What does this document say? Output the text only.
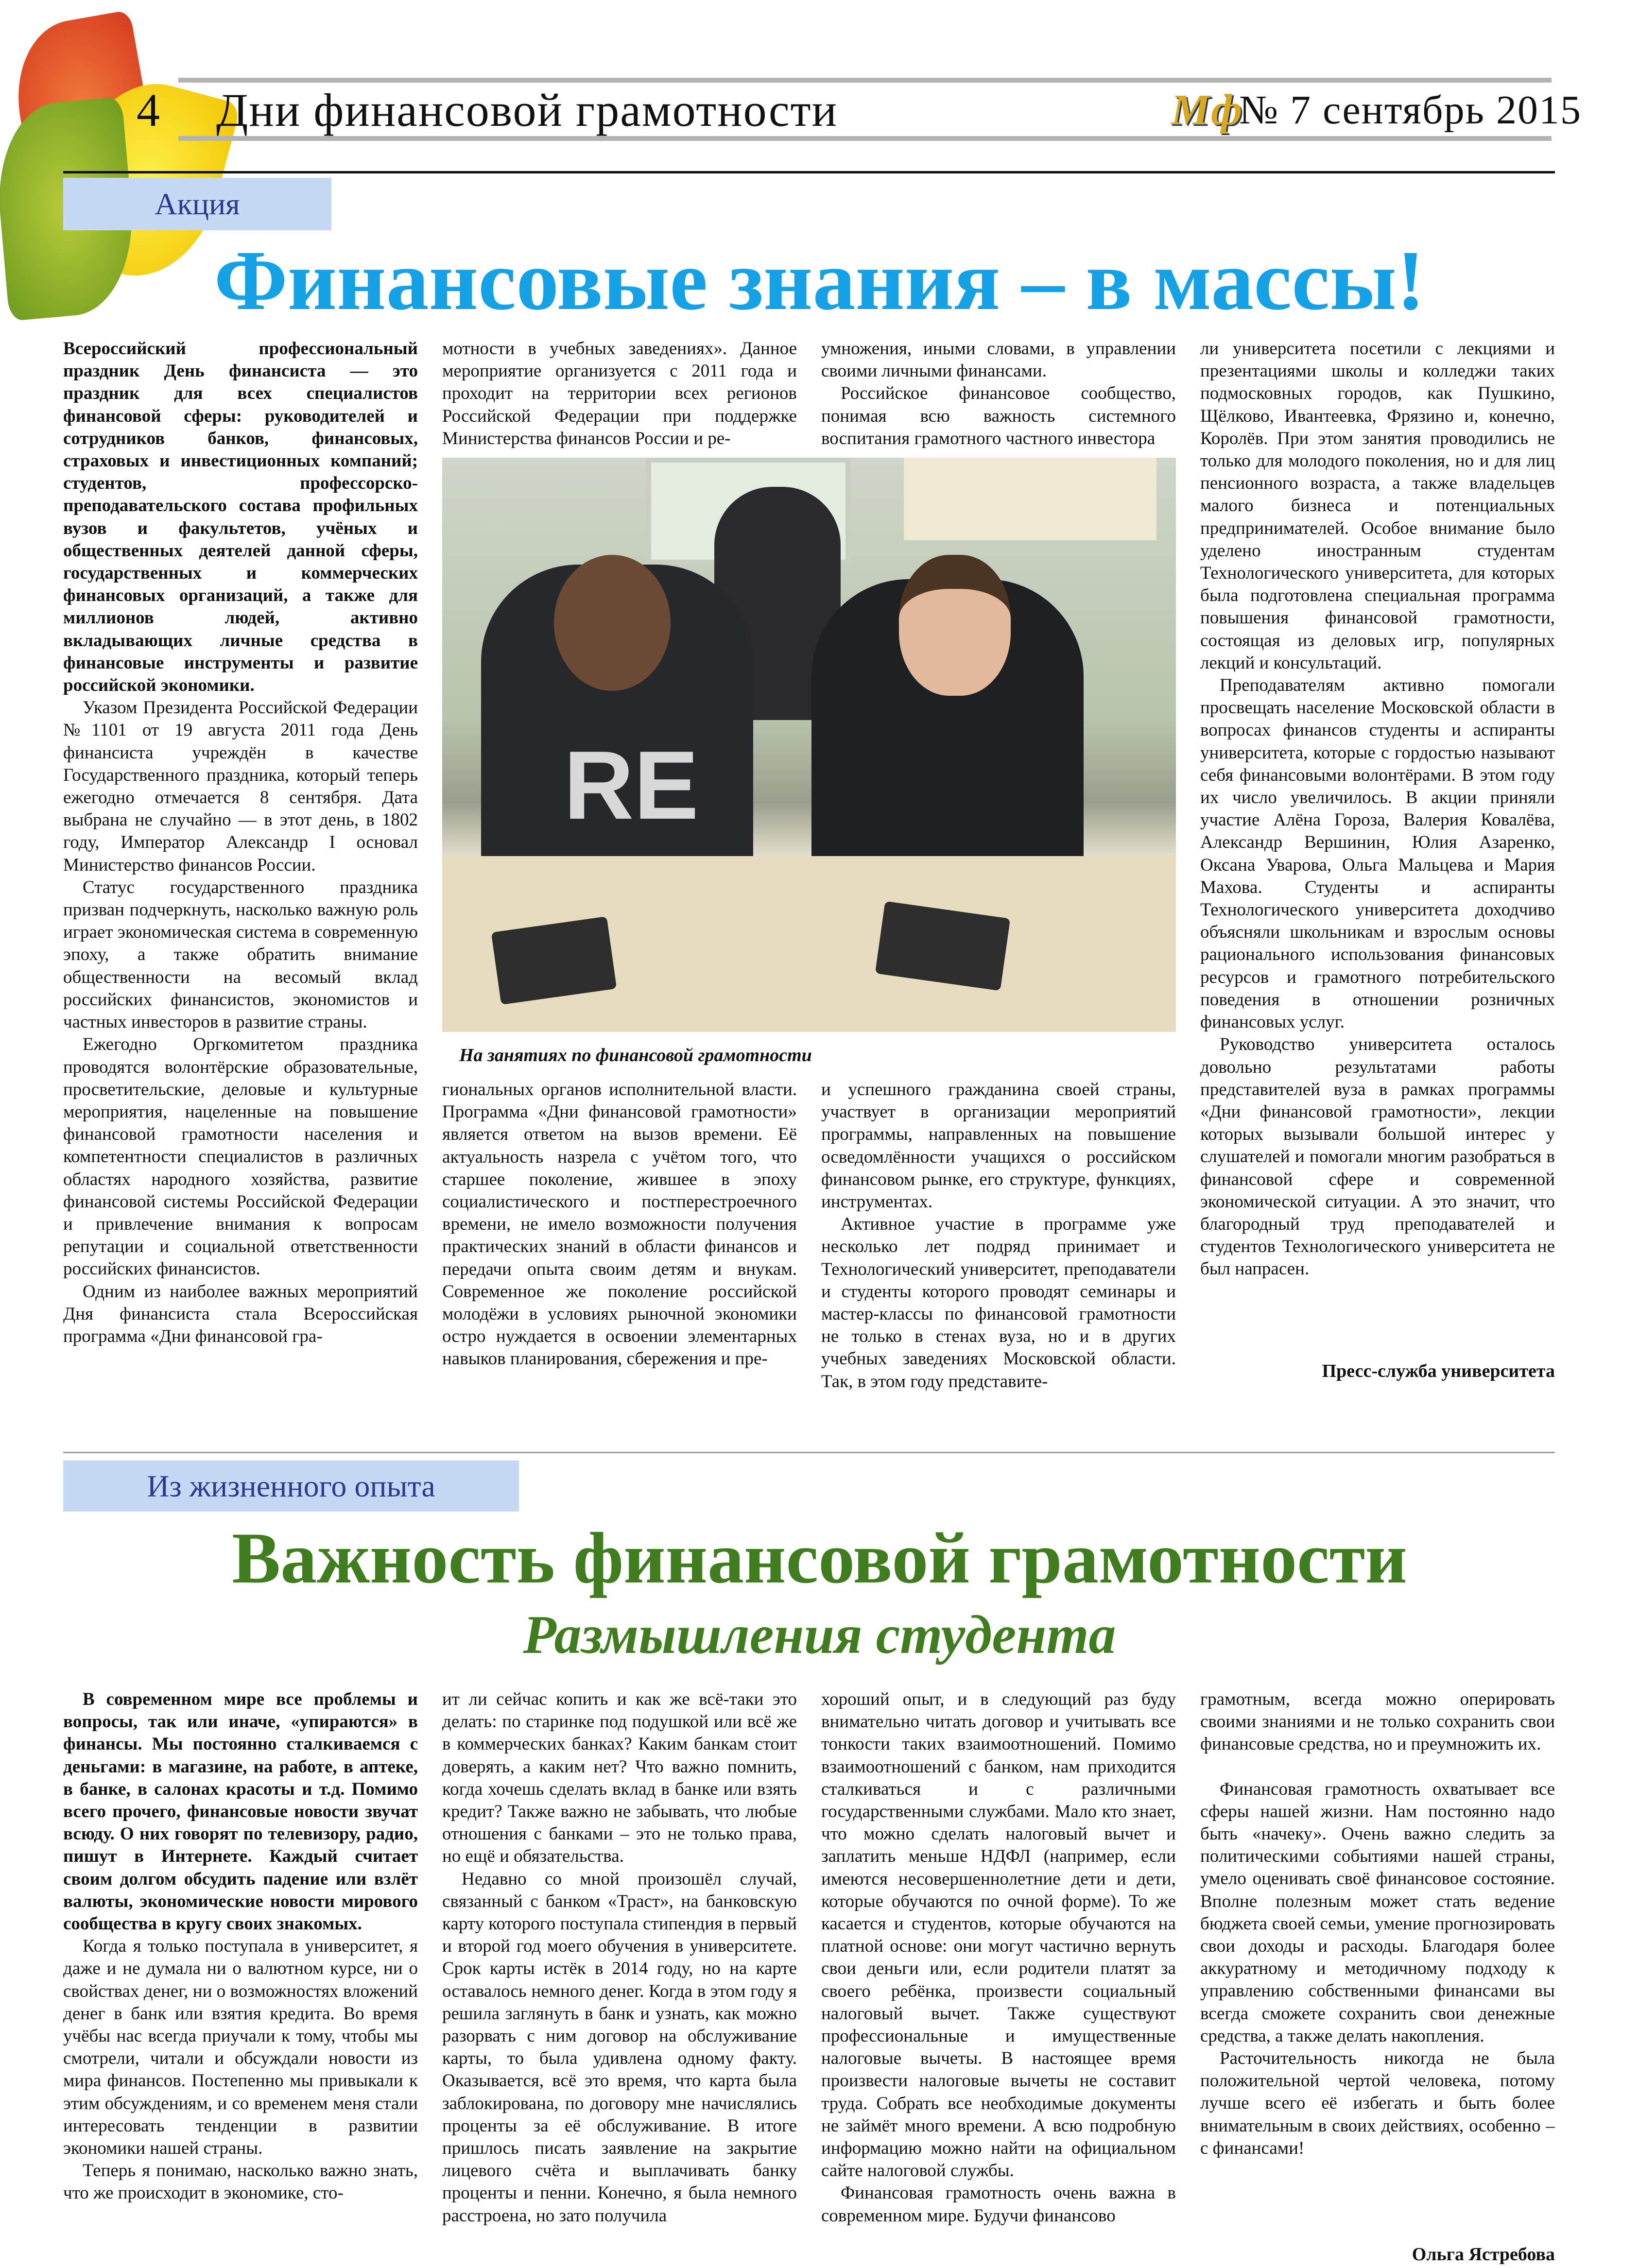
4 Дни финансовой грамотности	Мф
№ 7 сентябрь 2015
Акция
Финансовые знания – в массы!

Всероссийский профессиональный праздник День финансиста — это праздник для всех специалистов финансовой сферы: руководителей и сотрудников банков, финансовых, страховых и инвестиционных компаний; студентов, профессорско-преподавательского состава профильных вузов и факультетов, учёных и общественных деятелей данной сферы, государственных и коммерческих финансовых организаций, а также для миллионов людей, активно вкладывающих личные средства в финансовые инструменты и развитие российской экономики.

Указом Президента Российской Федерации №1101 от 19 августа 2011 года День финансиста учреждён в качестве Государственного праздника, который теперь ежегодно отмечается 8 сентября. Дата выбрана не случайно — в этот день, в 1802 году, Император Александр I основал Министерство финансов России.

Статус государственного праздника призван подчеркнуть, насколько важную роль играет экономическая система в современную эпоху, а также обратить внимание общественности на весомый вклад российских финансистов, экономистов и частных инвесторов в развитие страны.

Ежегодно Оргкомитетом праздника проводятся волонтёрские образовательные, просветительские, деловые и культурные мероприятия, нацеленные на повышение финансовой грамотности населения и компетентности специалистов в различных областях народного хозяйства, развитие финансовой системы Российской Федерации и привлечение внимания к вопросам репутации и социальной ответственности российских финансистов.

Одним из наиболее важных мероприятий Дня финансиста стала Всероссийская программа «Дни финансовой гра-

мотности в учебных заведениях». Данное мероприятие организуется с 2011 года и проходит на территории всех регионов Российской Федерации при поддержке Министерства финансов России и ре-

умножения, иными словами, в управлении своими личными финансами.

Российское финансовое сообщество, понимая всю важность системного воспитания грамотного частного инвестора

RE
На занятиях по финансовой грамотности

гиональных органов исполнительной власти. Программа «Дни финансовой грамотности» является ответом на вызов времени. Её актуальность назрела с учётом того, что старшее поколение, жившее в эпоху социалистического и постперестроечного времени, не имело возможности получения практических знаний в области финансов и передачи опыта своим детям и внукам. Современное же поколение российской молодёжи в условиях рыночной экономики остро нуждается в освоении элементарных навыков планирования, сбережения и пре-

и успешного гражданина своей страны, участвует в организации мероприятий программы, направленных на повышение осведомлённости учащихся о российском финансовом рынке, его структуре, функциях, инструментах.

Активное участие в программе уже несколько лет подряд принимает и Технологический университет, преподаватели и студенты которого проводят семинары и мастер-классы по финансовой грамотности не только в стенах вуза, но и в других учебных заведениях Московской области. Так, в этом году представите-

ли университета посетили с лекциями и презентациями школы и колледжи таких подмосковных городов, как Пушкино, Щёлково, Ивантеевка, Фрязино и, конечно, Королёв. При этом занятия проводились не только для молодого поколения, но и для лиц пенсионного возраста, а также владельцев малого бизнеса и потенциальных предпринимателей. Особое внимание было уделено иностранным студентам Технологического университета, для которых была подготовлена специальная программа повышения финансовой грамотности, состоящая из деловых игр, популярных лекций и консультаций.

Преподавателям активно помогали просвещать население Московской области в вопросах финансов студенты и аспиранты университета, которые с гордостью называют себя финансовыми волонтёрами. В этом году их число увеличилось. В акции приняли участие Алёна Гороза, Валерия Ковалёва, Александр Вершинин, Юлия Азаренко, Оксана Уварова, Ольга Мальцева и Мария Махова. Студенты и аспиранты Технологического университета доходчиво объясняли школьникам и взрослым основы рационального использования финансовых ресурсов и грамотного потребительского поведения в отношении розничных финансовых услуг.

Руководство университета осталось довольно результатами работы представителей вуза в рамках программы «Дни финансовой грамотности», лекции которых вызывали большой интерес у слушателей и помогали многим разобраться в финансовой сфере и современной экономической ситуации. А это значит, что благородный труд преподавателей и студентов Технологического университета не был напрасен.

Пресс-служба университета
Из жизненного опыта
Важность финансовой грамотности
Размышления студента

В современном мире все проблемы и вопросы, так или иначе, «упираются» в финансы. Мы постоянно сталкиваемся с деньгами: в магазине, на работе, в аптеке, в банке, в салонах красоты и т.д. Помимо всего прочего, финансовые новости звучат всюду. О них говорят по телевизору, радио, пишут в Интернете. Каждый считает своим долгом обсудить падение или взлёт валюты, экономические новости мирового сообщества в кругу своих знакомых.

Когда я только поступала в университет, я даже и не думала ни о валютном курсе, ни о свойствах денег, ни о возможностях вложений денег в банк или взятия кредита. Во время учёбы нас всегда приучали к тому, чтобы мы смотрели, читали и обсуждали новости из мира финансов. Постепенно мы привыкали к этим обсуждениям, и со временем меня стали интересовать тенденции в развитии экономики нашей страны.

Теперь я понимаю, насколько важно знать, что же происходит в экономике, сто-

ит ли сейчас копить и как же всё-таки это делать: по старинке под подушкой или всё же в коммерческих банках? Каким банкам стоит доверять, а каким нет? Что важно помнить, когда хочешь сделать вклад в банке или взять кредит? Также важно не забывать, что любые отношения с банками – это не только права, но ещё и обязательства.

Недавно со мной произошёл случай, связанный с банком «Траст», на банковскую карту которого поступала стипендия в первый и второй год моего обучения в университете. Срок карты истёк в 2014 году, но на карте оставалось немного денег. Когда в этом году я решила заглянуть в банк и узнать, как можно разорвать с ним договор на обслуживание карты, то была удивлена одному факту. Оказывается, всё это время, что карта была заблокирована, по договору мне начислялись проценты за её обслуживание. В итоге пришлось писать заявление на закрытие лицевого счёта и выплачивать банку проценты и пенни. Конечно, я была немного расстроена, но зато получила

хороший опыт, и в следующий раз буду внимательно читать договор и учитывать все тонкости таких взаимоотношений. Помимо взаимоотношений с банком, нам приходится сталкиваться и с различными государственными службами. Мало кто знает, что можно сделать налоговый вычет и заплатить меньше НДФЛ (например, если имеются несовершеннолетние дети и дети, которые обучаются по очной форме). То же касается и студентов, которые обучаются на платной основе: они могут частично вернуть свои деньги или, если родители платят за своего ребёнка, произвести социальный налоговый вычет. Также существуют профессиональные и имущественные налоговые вычеты. В настоящее время произвести налоговые вычеты не составит труда. Собрать все необходимые документы не займёт много времени. А всю подробную информацию можно найти на официальном сайте налоговой службы.

Финансовая грамотность очень важна в современном мире. Будучи финансово

грамотным, всегда можно оперировать своими знаниями и не только сохранить свои финансовые средства, но и преумножить их.

Финансовая грамотность охватывает все сферы нашей жизни. Нам постоянно надо быть «начеку». Очень важно следить за политическими событиями нашей страны, умело оценивать своё финансовое состояние. Вполне полезным может стать ведение бюджета своей семьи, умение прогнозировать свои доходы и расходы. Благодаря более аккуратному и методичному подходу к управлению собственными финансами вы всегда сможете сохранить свои денежные средства, а также делать накопления.

Расточительность никогда не была положительной чертой человека, потому лучше всего её избегать и быть более внимательным в своих действиях, особенно – с финансами!

Ольга Ястребова
